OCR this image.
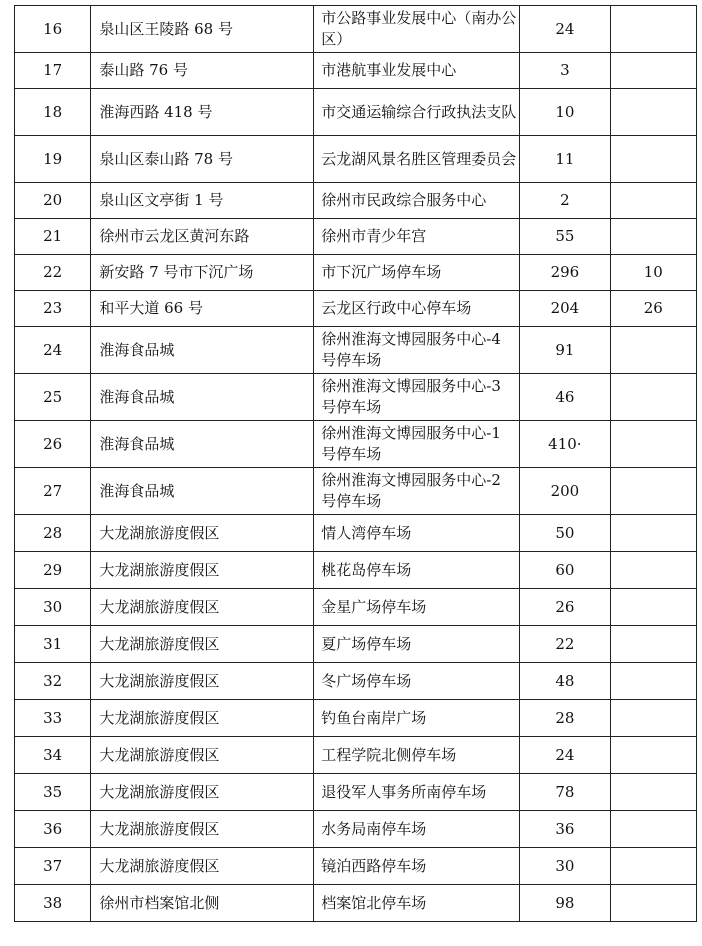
16	泉山区王陵路 68 号	市公路事业发展中心（南办公区）	24	
17	泰山路 76 号	市港航事业发展中心	3	
18	淮海西路 418 号	市交通运输综合行政执法支队	10	
19	泉山区泰山路 78 号	云龙湖风景名胜区管理委员会	11	
20	泉山区文亭街 1 号	徐州市民政综合服务中心	2	
21	徐州市云龙区黄河东路	徐州市青少年宫	55	
22	新安路 7 号市下沉广场	市下沉广场停车场	296	10
23	和平大道 66 号	云龙区行政中心停车场	204	26
24	淮海食品城	徐州淮海文博园服务中心-4 号停车场	91	
25	淮海食品城	徐州淮海文博园服务中心-3 号停车场	46	
26	淮海食品城	徐州淮海文博园服务中心-1 号停车场	410·	
27	淮海食品城	徐州淮海文博园服务中心-2 号停车场	200	
28	大龙湖旅游度假区	情人湾停车场	50	
29	大龙湖旅游度假区	桃花岛停车场	60	
30	大龙湖旅游度假区	金星广场停车场	26	
31	大龙湖旅游度假区	夏广场停车场	22	
32	大龙湖旅游度假区	冬广场停车场	48	
33	大龙湖旅游度假区	钓鱼台南岸广场	28	
34	大龙湖旅游度假区	工程学院北侧停车场	24	
35	大龙湖旅游度假区	退役军人事务所南停车场	78	
36	大龙湖旅游度假区	水务局南停车场	36	
37	大龙湖旅游度假区	镜泊西路停车场	30	
38	徐州市档案馆北侧	档案馆北停车场	98	
